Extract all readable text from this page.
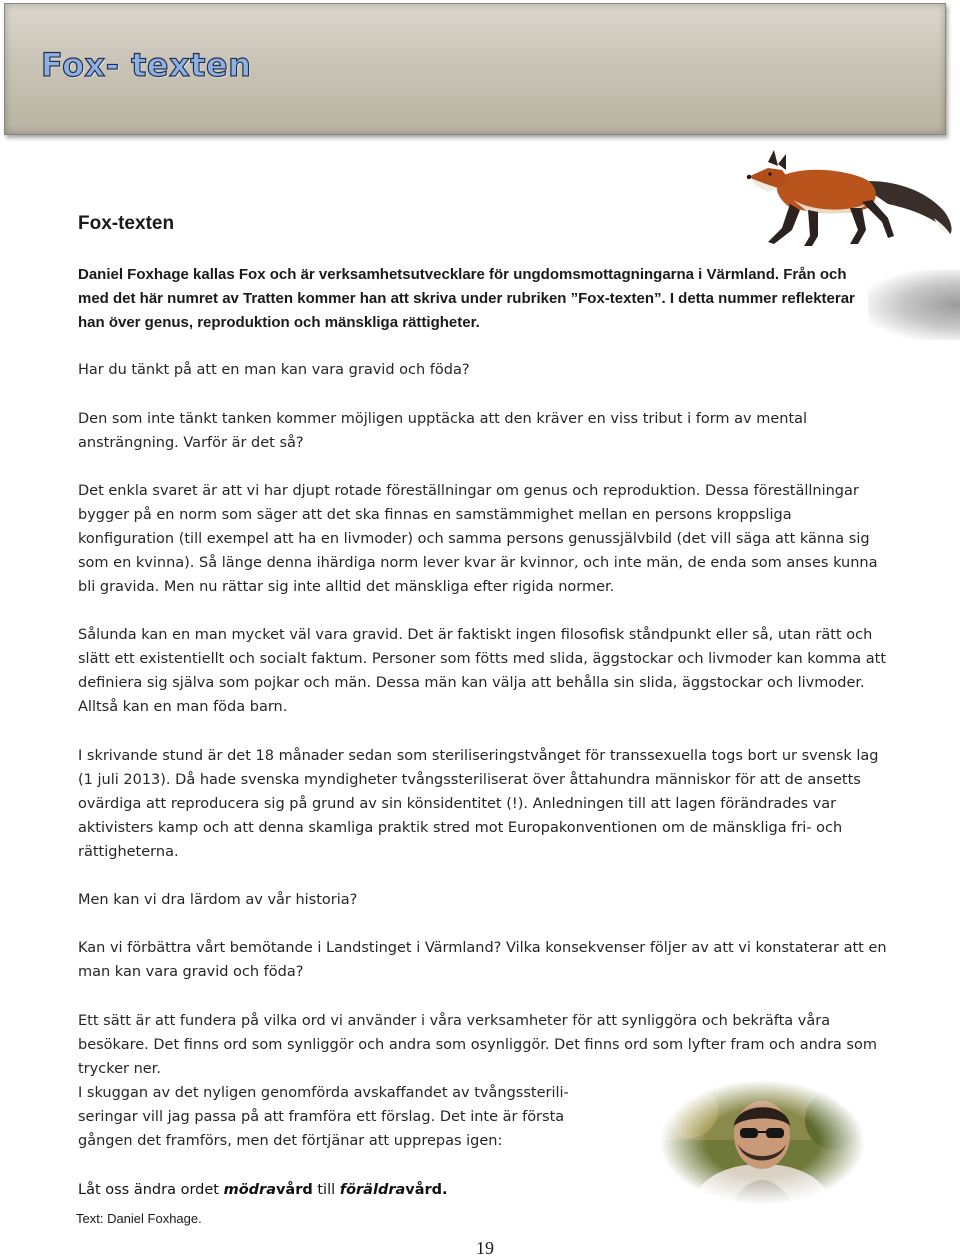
Fox- texten
Fox-texten

Daniel Foxhage kallas Fox och är verksamhetsutvecklare för ungdomsmottagningarna i Värmland. Från och med det här numret av Tratten kommer han att skriva under rubriken ”Fox-texten”. I detta nummer reflekterar han över genus, reproduktion och mänskliga rättigheter.

Har du tänkt på att en man kan vara gravid och föda?

Den som inte tänkt tanken kommer möjligen upptäcka att den kräver en viss tribut i form av mental ansträngning. Varför är det så?

Det enkla svaret är att vi har djupt rotade föreställningar om genus och reproduktion. Dessa föreställningar bygger på en norm som säger att det ska finnas en samstämmighet mellan en persons kroppsliga konfiguration (till exempel att ha en livmoder) och samma persons genussjälvbild (det vill säga att känna sig som en kvinna). Så länge denna ihärdiga norm lever kvar är kvinnor, och inte män, de enda som anses kunna bli gravida. Men nu rättar sig inte alltid det mänskliga efter rigida normer.

Sålunda kan en man mycket väl vara gravid. Det är faktiskt ingen filosofisk ståndpunkt eller så, utan rätt och slätt ett existentiellt och socialt faktum. Personer som fötts med slida, äggstockar och livmoder kan komma att definiera sig själva som pojkar och män. Dessa män kan välja att behålla sin slida, äggstockar och livmoder. Alltså kan en man föda barn.

I skrivande stund är det 18 månader sedan som steriliseringstvånget för transsexuella togs bort ur svensk lag (1 juli 2013). Då hade svenska myndigheter tvångssteriliserat över åttahundra människor för att de ansetts ovärdiga att reproducera sig på grund av sin könsidentitet (!). Anledningen till att lagen förändrades var aktivisters kamp och att denna skamliga praktik stred mot Europakonventionen om de mänskliga fri- och rättigheterna.

Men kan vi dra lärdom av vår historia?

Kan vi förbättra vårt bemötande i Landstinget i Värmland? Vilka konsekvenser följer av att vi konstaterar att en man kan vara gravid och föda?

Ett sätt är att fundera på vilka ord vi använder i våra verksamheter för att synliggöra och bekräfta våra besökare. Det finns ord som synliggör och andra som osynliggör. Det finns ord som lyfter fram och andra som trycker ner.

I skuggan av det nyligen genomförda avskaffandet av tvångssterili-seringar vill jag passa på att framföra ett förslag. Det inte är första gången det framförs, men det förtjänar att upprepas igen:

Låt oss ändra ordet mödravård till föräldravård.

Text: Daniel Foxhage.

19
